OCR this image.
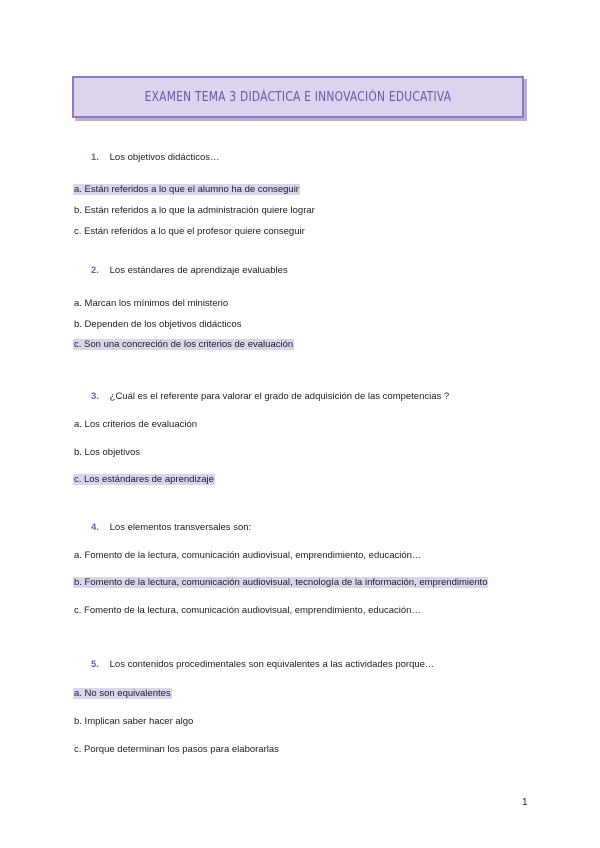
EXAMEN TEMA 3 DIDÁCTICA E INNOVACIÓN EDUCATIVA
1. Los objetivos didácticos…
a. Están referidos a lo que el alumno ha de conseguir
b. Están referidos a lo que la administración quiere lograr
c. Están referidos a lo que el profesor quiere conseguir
2. Los estándares de aprendizaje evaluables
a. Marcan los mínimos del ministerio
b. Dependen de los objetivos didácticos
c. Son una concreción de los criterios de evaluación
3. ¿Cuál es el referente para valorar el grado de adquisición de las competencias ?
a. Los criterios de evaluación
b. Los objetivos
c. Los estándares de aprendizaje
4. Los elementos transversales son:
a. Fomento de la lectura, comunicación audiovisual, emprendimiento, educación…
b. Fomento de la lectura, comunicación audiovisual, tecnología de la información, emprendimiento
c. Fomento de la lectura, comunicación audiovisual, emprendimiento, educación…
5. Los contenidos procedimentales son equivalentes a las actividades porque…
a. No son equivalentes
b. Implican saber hacer algo
c. Porque determinan los pasos para elaborarlas
1
